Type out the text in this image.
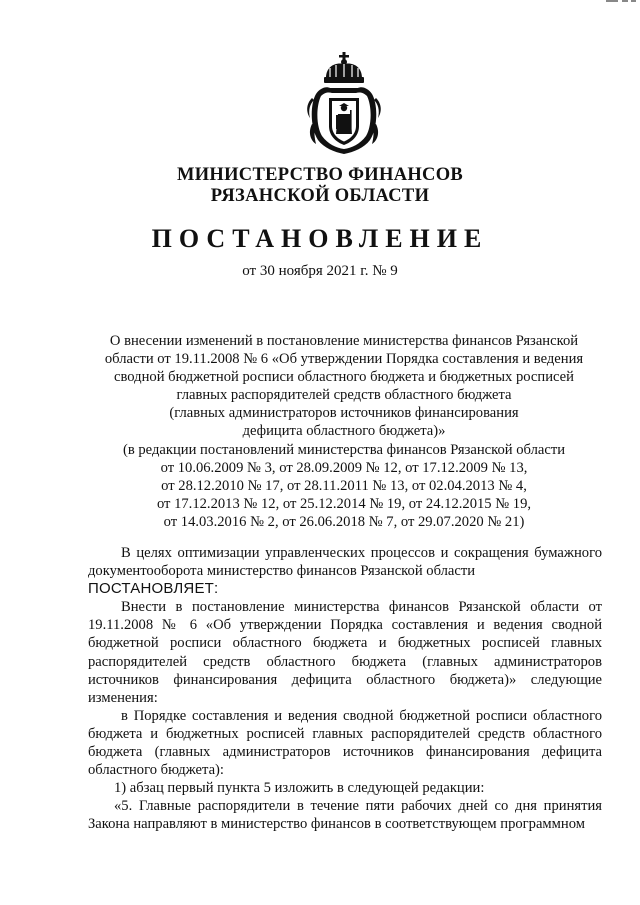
МИНИСТЕРСТВО ФИНАНСОВ
РЯЗАНСКОЙ ОБЛАСТИ
ПОСТАНОВЛЕНИЕ
от 30 ноября 2021 г. № 9
О внесении изменений в постановление министерства финансов Рязанской
области от 19.11.2008 № 6 «Об утверждении Порядка составления и ведения
сводной бюджетной росписи областного бюджета и бюджетных росписей
главных распорядителей средств областного бюджета
(главных администраторов источников финансирования
дефицита областного бюджета)»
(в редакции постановлений министерства финансов Рязанской области
от 10.06.2009 № 3, от 28.09.2009 № 12, от 17.12.2009 № 13,
от 28.12.2010 № 17, от 28.11.2011 № 13, от 02.04.2013 № 4,
от 17.12.2013 № 12, от 25.12.2014 № 19, от 24.12.2015 № 19,
от 14.03.2016 № 2, от 26.06.2018 № 7, от 29.07.2020 № 21)
В целях оптимизации управленческих процессов и сокращения бумажного документооборота министерство финансов Рязанской области
ПОСТАНОВЛЯЕТ:
Внести в постановление министерства финансов Рязанской области от 19.11.2008 № 6 «Об утверждении Порядка составления и ведения сводной бюджетной росписи областного бюджета и бюджетных росписей главных распорядителей средств областного бюджета (главных администраторов источников финансирования дефицита областного бюджета)» следующие изменения:
в Порядке составления и ведения сводной бюджетной росписи областного бюджета и бюджетных росписей главных распорядителей средств областного бюджета (главных администраторов источников финансирования дефицита областного бюджета):
1) абзац первый пункта 5 изложить в следующей редакции:
«5. Главные распорядители в течение пяти рабочих дней со дня принятия Закона направляют в министерство финансов в соответствующем программном
